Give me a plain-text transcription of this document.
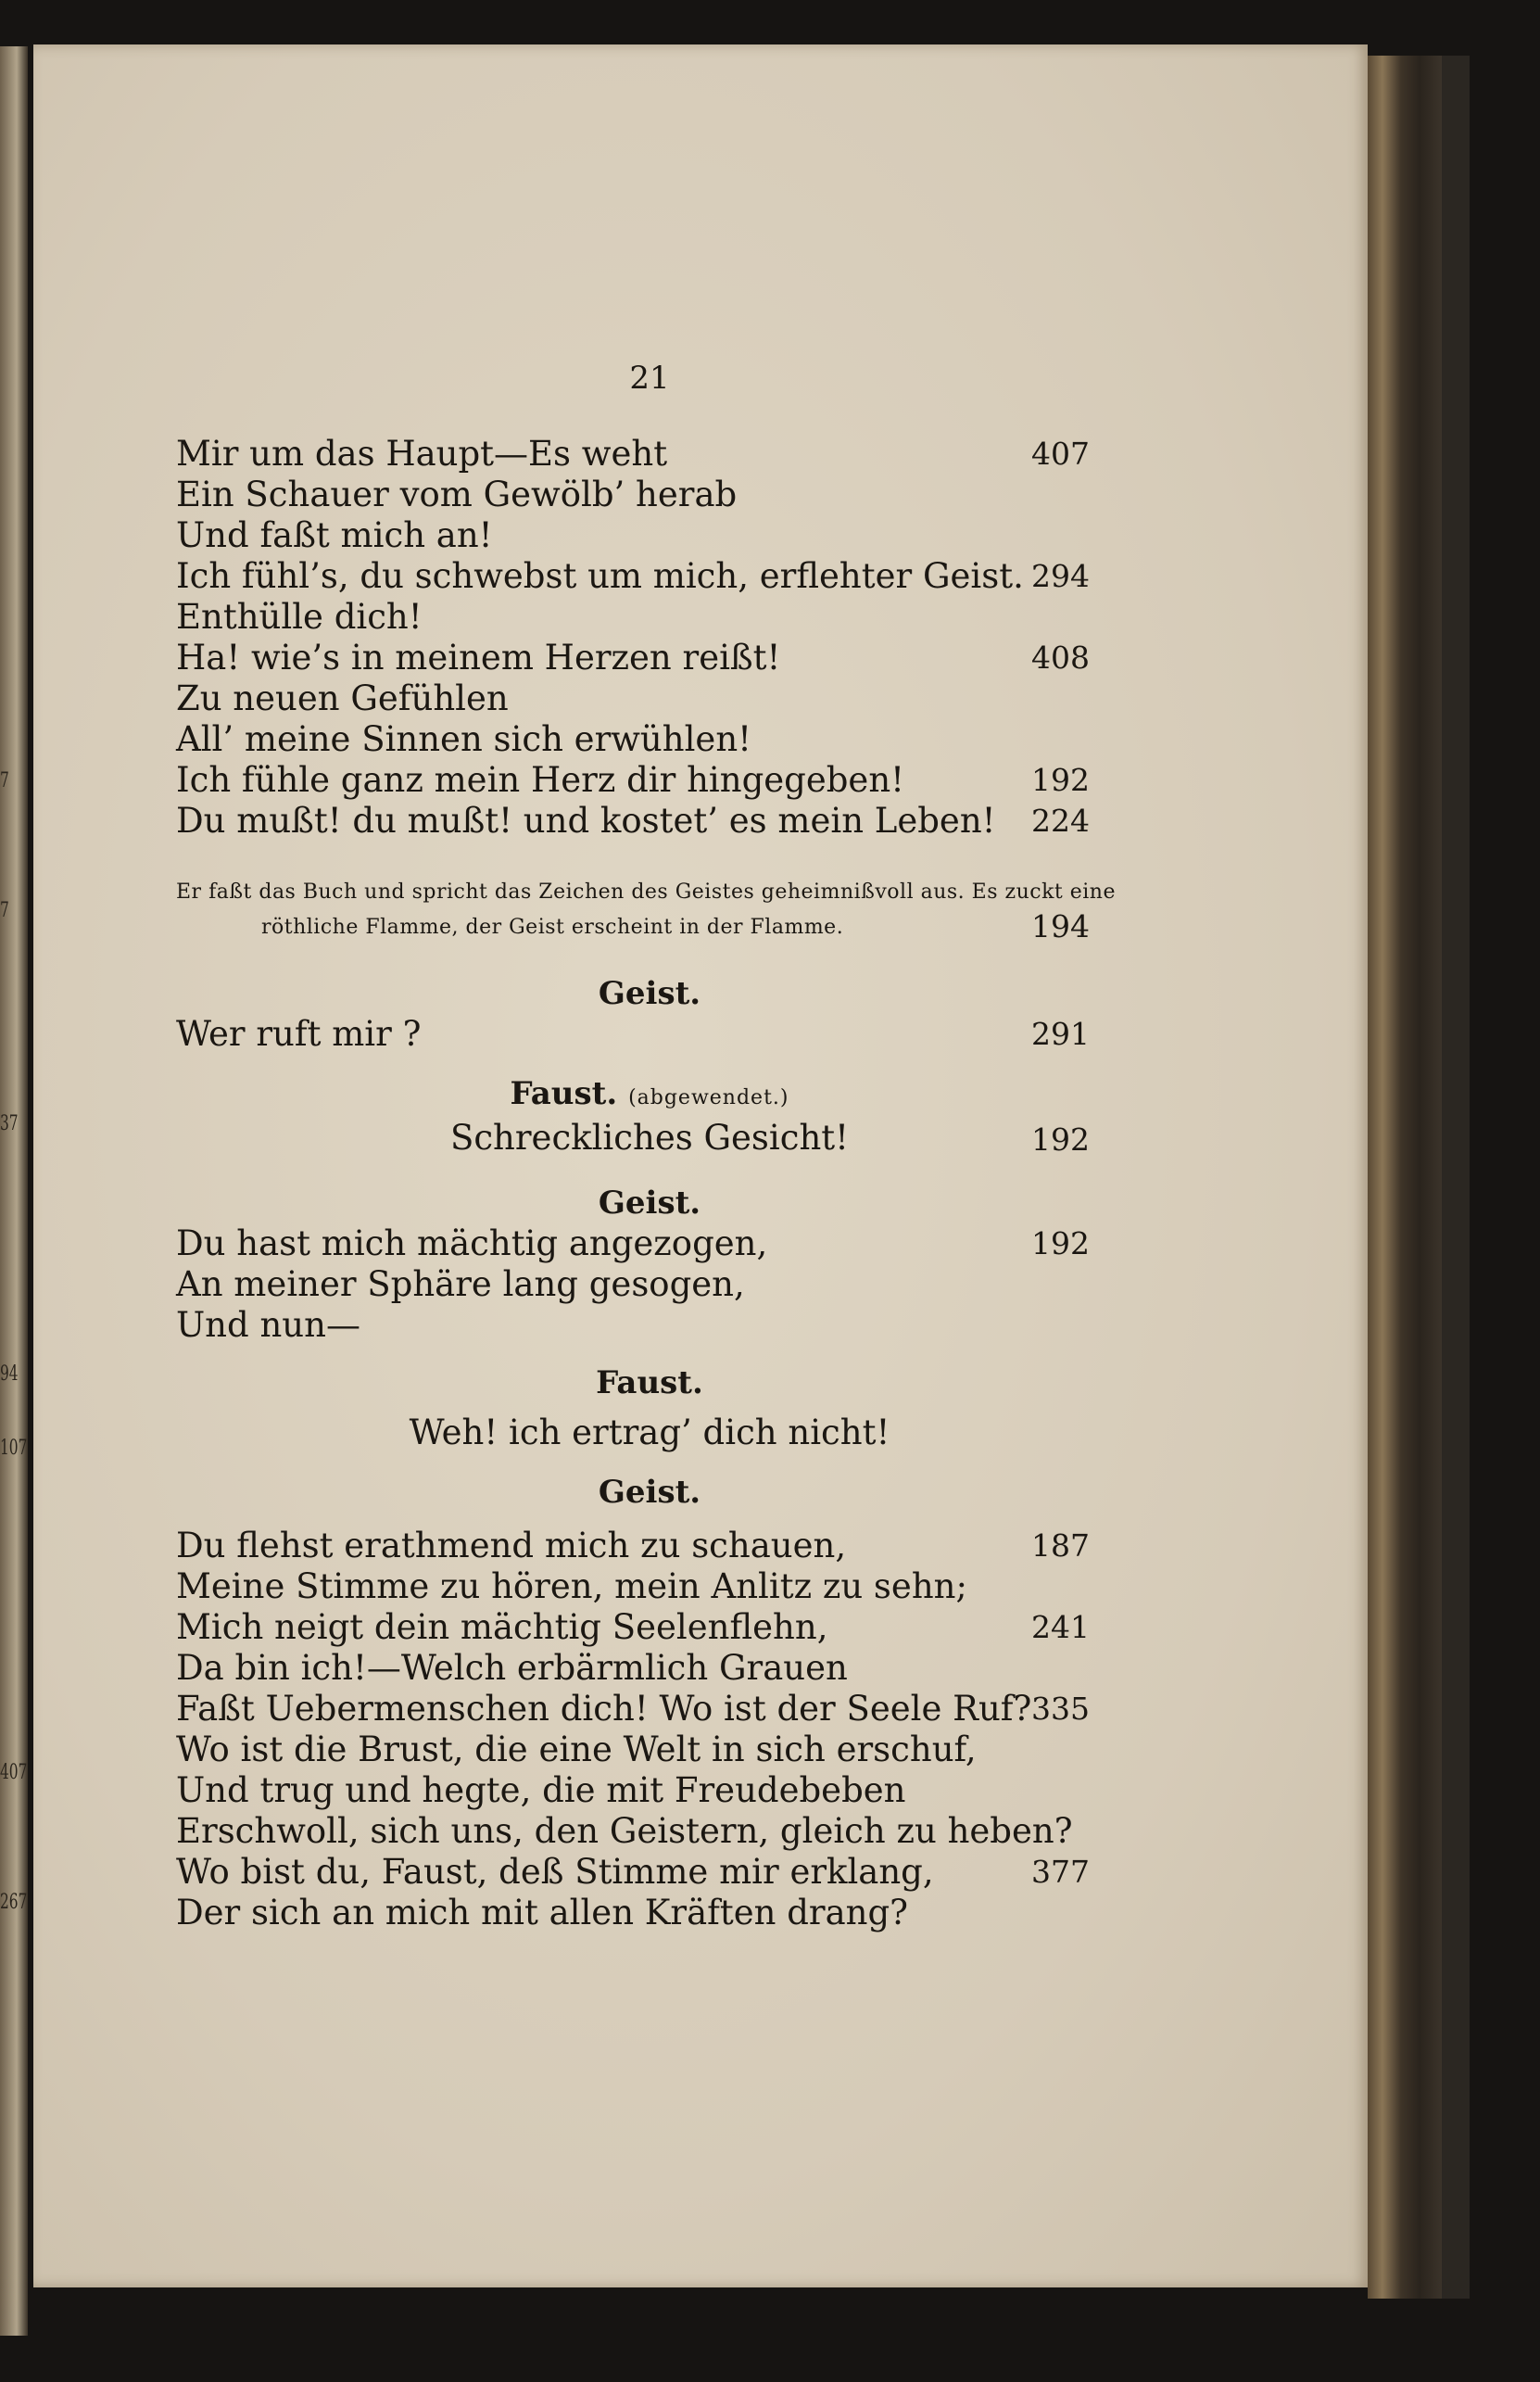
7
7
37
94
107
407
267
21
Mir um das Haupt—Es weht	407
Ein Schauer vom Gewölb’ herab
Und faßt mich an!
Ich fühl’s, du schwebst um mich, erflehter Geist. 294
Enthülle dich!
Ha! wie’s in meinem Herzen reißt!	408
Zu neuen Gefühlen
All’ meine Sinnen sich erwühlen!
Ich fühle ganz mein Herz dir hingegeben!	192
Du mußt! du mußt! und kostet’ es mein Leben!	224
Er faßt das Buch und spricht das Zeichen des Geistes geheimnißvoll aus. Es zuckt eine
röthliche Flamme, der Geist erscheint in der Flamme.	194
Geist.
Wer ruft mir ?	291
Faust. (abgewendet.)
Schreckliches Gesicht!	192
Geist.
Du hast mich mächtig angezogen,	192
An meiner Sphäre lang gesogen,
Und nun—
Faust.
Weh! ich ertrag’ dich nicht!
Geist.
Du flehst erathmend mich zu schauen,	187
Meine Stimme zu hören, mein Anlitz zu sehn;
Mich neigt dein mächtig Seelenflehn,	241
Da bin ich!—Welch erbärmlich Grauen
Faßt Uebermenschen dich! Wo ist der Seele Ruf? 335
Wo ist die Brust, die eine Welt in sich erschuf,
Und trug und hegte, die mit Freudebeben
Erschwoll, sich uns, den Geistern, gleich zu heben?
Wo bist du, Faust, deß Stimme mir erklang,	377
Der sich an mich mit allen Kräften drang?
